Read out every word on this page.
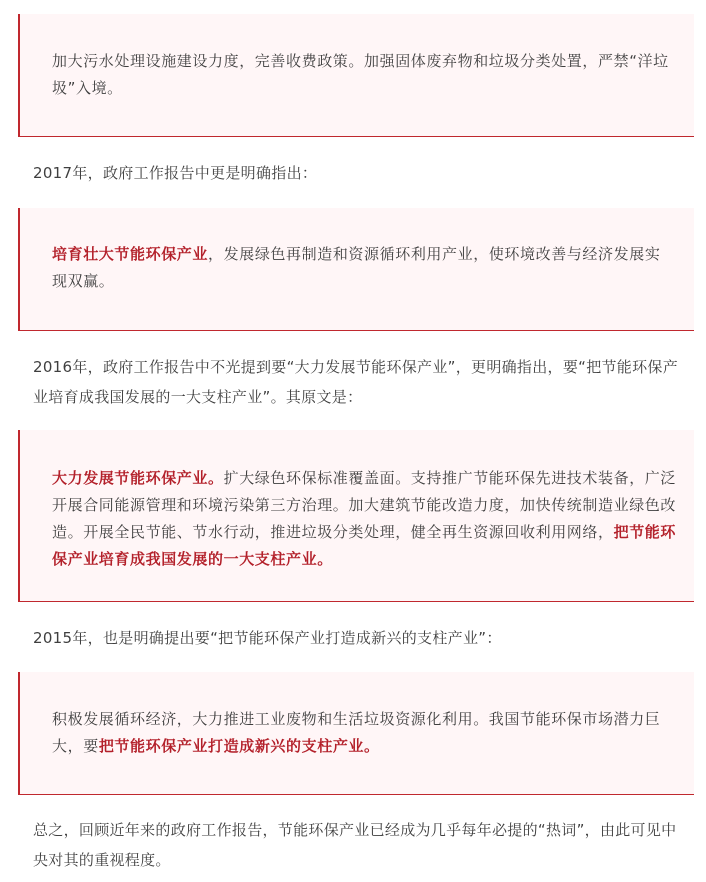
加大污水处理设施建设力度，完善收费政策。加强固体废弃物和垃圾分类处置，严禁“洋垃圾”入境。
2017年，政府工作报告中更是明确指出：
培育壮大节能环保产业，发展绿色再制造和资源循环利用产业，使环境改善与经济发展实现双赢。
2016年，政府工作报告中不光提到要“大力发展节能环保产业”，更明确指出，要“把节能环保产业培育成我国发展的一大支柱产业”。其原文是：
大力发展节能环保产业。扩大绿色环保标准覆盖面。支持推广节能环保先进技术装备，广泛开展合同能源管理和环境污染第三方治理。加大建筑节能改造力度，加快传统制造业绿色改造。开展全民节能、节水行动，推进垃圾分类处理，健全再生资源回收利用网络，把节能环保产业培育成我国发展的一大支柱产业。
2015年，也是明确提出要“把节能环保产业打造成新兴的支柱产业”：
积极发展循环经济，大力推进工业废物和生活垃圾资源化利用。我国节能环保市场潜力巨大，要把节能环保产业打造成新兴的支柱产业。
总之，回顾近年来的政府工作报告，节能环保产业已经成为几乎每年必提的“热词”，由此可见中央对其的重视程度。
